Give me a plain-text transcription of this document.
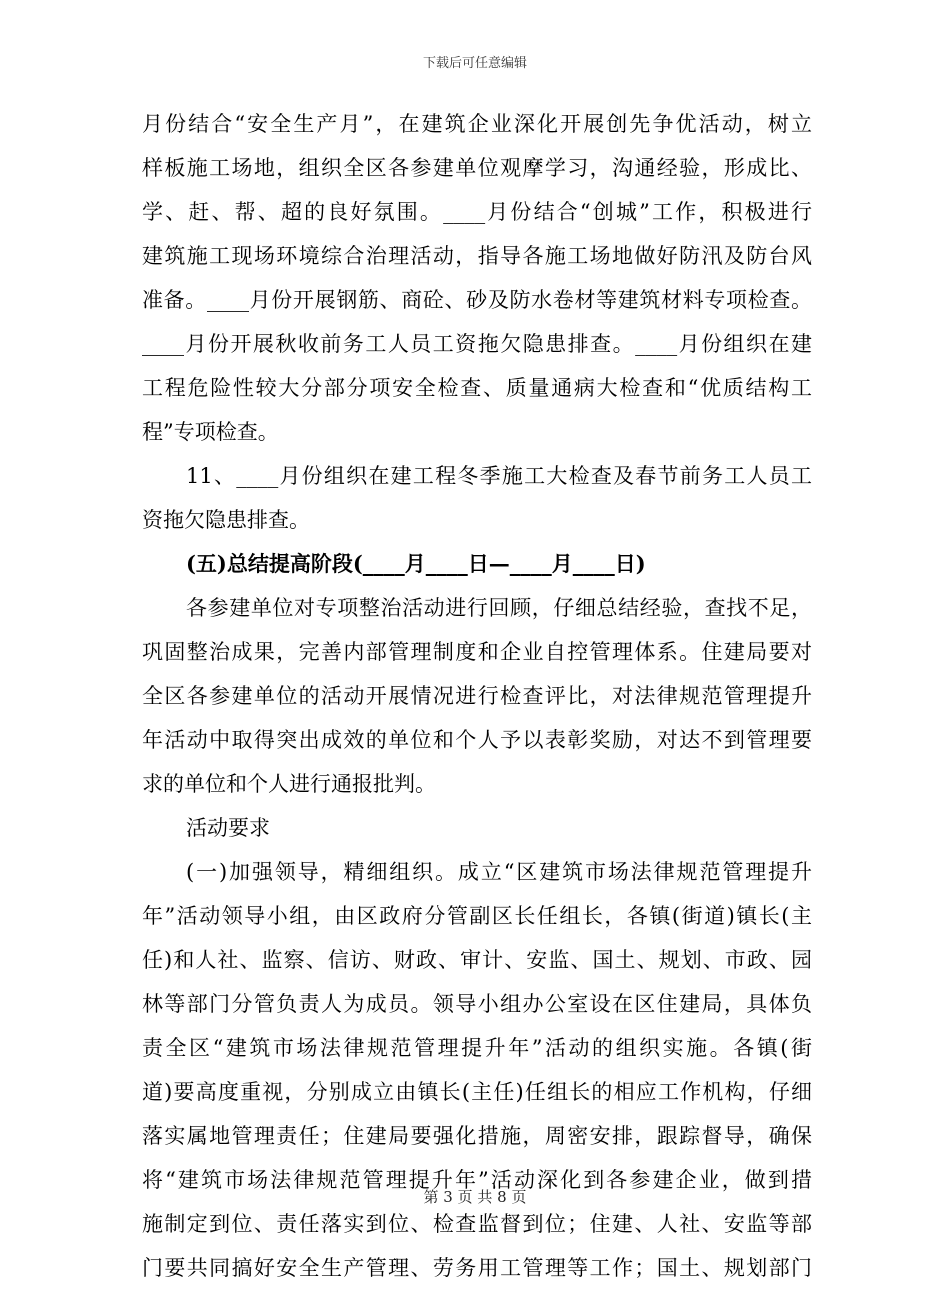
下载后可任意编辑
月份结合“安全生产月”，在建筑企业深化开展创先争优活动，树立
样板施工场地，组织全区各参建单位观摩学习，沟通经验，形成比、
学、赶、帮、超的良好氛围。____月份结合“创城”工作，积极进行
建筑施工现场环境综合治理活动，指导各施工场地做好防汛及防台风
准备。____月份开展钢筋、商砼、砂及防水卷材等建筑材料专项检查。
____月份开展秋收前务工人员工资拖欠隐患排查。____月份组织在建
工程危险性较大分部分项安全检查、质量通病大检查和“优质结构工
程”专项检查。
11、____月份组织在建工程冬季施工大检查及春节前务工人员工
资拖欠隐患排查。
(五)总结提高阶段(____月____日—____月____日)
各参建单位对专项整治活动进行回顾，仔细总结经验，查找不足，
巩固整治成果，完善内部管理制度和企业自控管理体系。住建局要对
全区各参建单位的活动开展情况进行检查评比，对法律规范管理提升
年活动中取得突出成效的单位和个人予以表彰奖励，对达不到管理要
求的单位和个人进行通报批判。
活动要求
(一)加强领导，精细组织。成立“区建筑市场法律规范管理提升
年”活动领导小组，由区政府分管副区长任组长，各镇(街道)镇长(主
任)和人社、监察、信访、财政、审计、安监、国土、规划、市政、园
林等部门分管负责人为成员。领导小组办公室设在区住建局，具体负
责全区“建筑市场法律规范管理提升年”活动的组织实施。各镇(街
道)要高度重视，分别成立由镇长(主任)任组长的相应工作机构，仔细
落实属地管理责任；住建局要强化措施，周密安排，跟踪督导，确保
将“建筑市场法律规范管理提升年”活动深化到各参建企业，做到措
施制定到位、责任落实到位、检查监督到位；住建、人社、安监等部
门要共同搞好安全生产管理、劳务用工管理等工作；国土、规划部门
第 3 页 共 8 页
